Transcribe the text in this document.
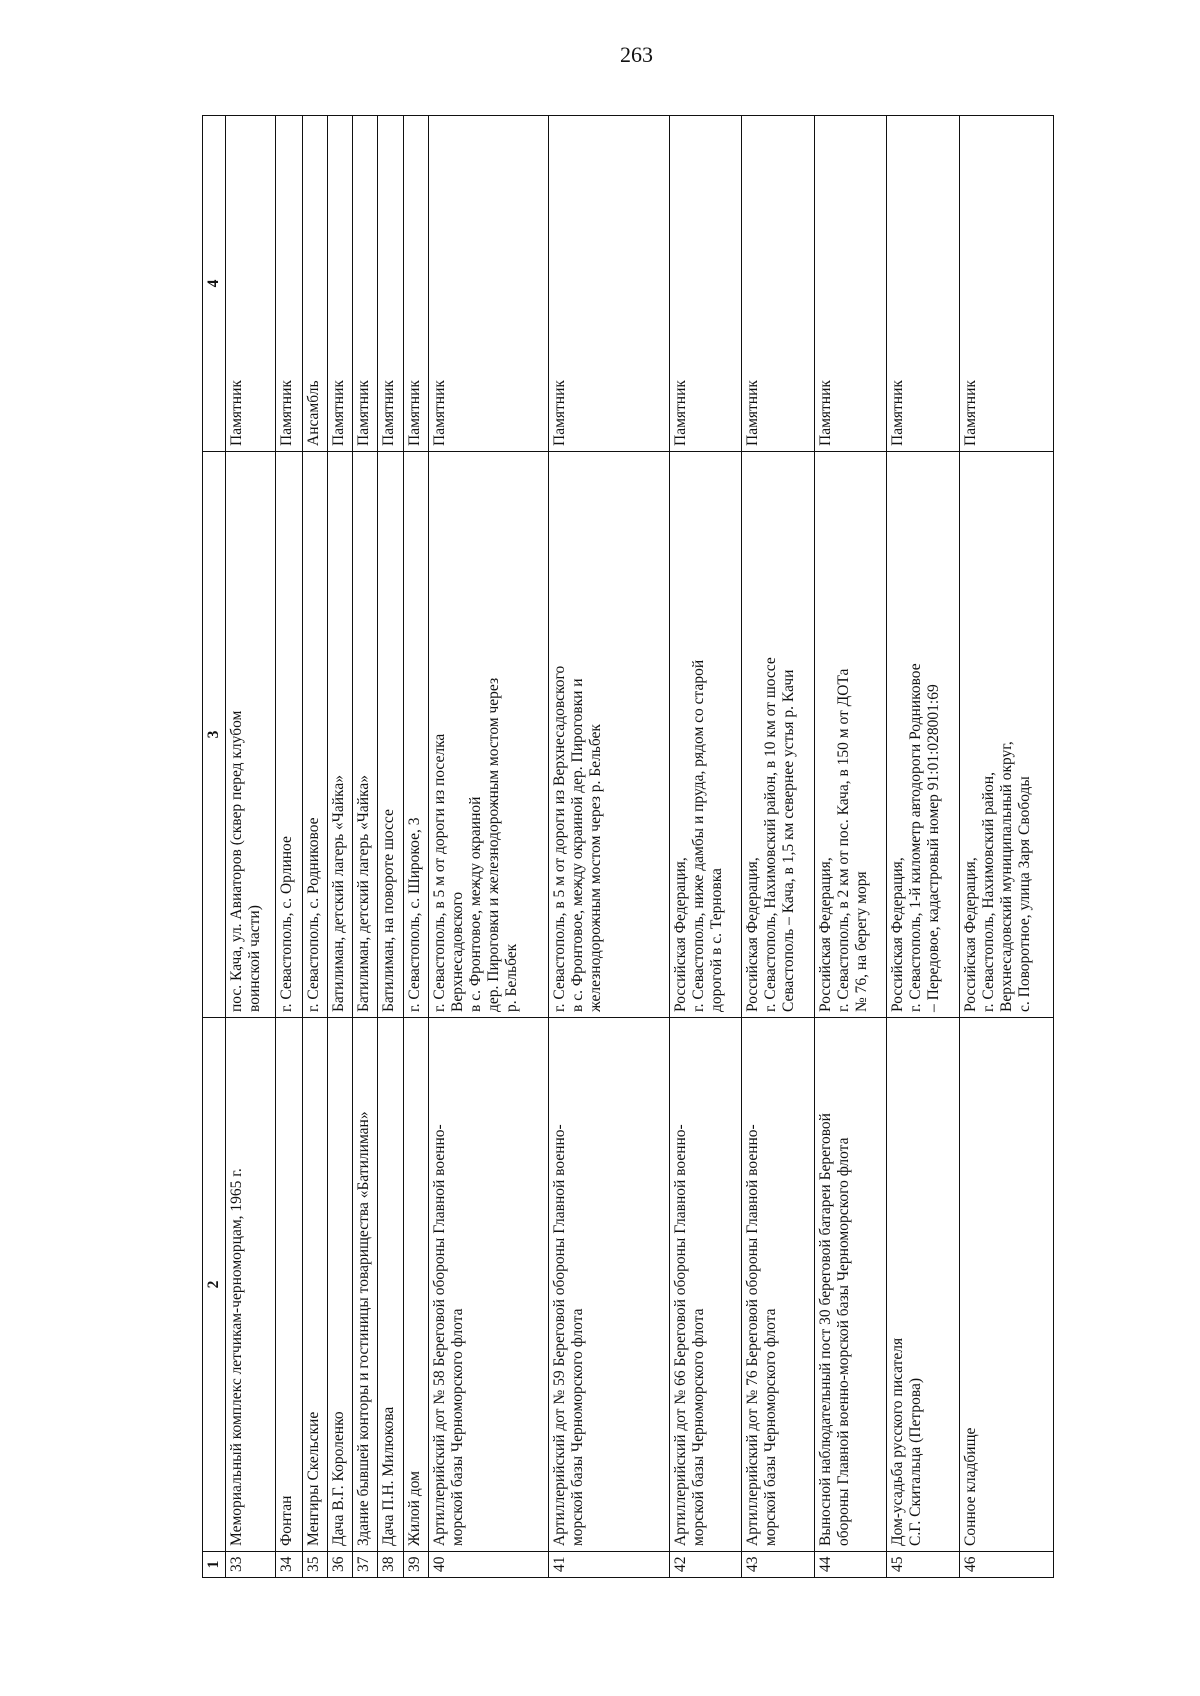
263
1	2	3	4
33	Мемориальный комплекс летчикам-черноморцам, 1965 г.	пос. Кача, ул. Авиаторов (сквер перед клубом воинской части)	Памятник
34	Фонтан	г. Севастополь, с. Орлиное	Памятник
35	Менгиры Скельские	г. Севастополь, с. Родниковое	Ансамбль
36	Дача В.Г. Короленко	Батилиман, детский лагерь «Чайка»	Памятник
37	Здание бывшей конторы и гостиницы товарищества «Батилиман»	Батилиман, детский лагерь «Чайка»	Памятник
38	Дача П.Н. Милюкова	Батилиман, на повороте шоссе	Памятник
39	Жилой дом	г. Севастополь, с. Широкое, 3	Памятник
40	Артиллерийский дот № 58 Береговой обороны Главной военно- морской базы Черноморского флота	г. Севастополь, в 5 м от дороги из поселка Верхнесадовского в с. Фронтовое, между окраиной дер. Пироговки и железнодорожным мостом через р. Бельбек	Памятник
41	Артиллерийский дот № 59 Береговой обороны Главной военно- морской базы Черноморского флота	г. Севастополь, в 5 м от дороги из Верхнесадовского в с. Фронтовое, между окраиной дер. Пироговки и железнодорожным мостом через р. Бельбек	Памятник
42	Артиллерийский дот № 66 Береговой обороны Главной военно- морской базы Черноморского флота	Российская Федерация, г. Севастополь, ниже дамбы и пруда, рядом со старой дорогой в с. Терновка	Памятник
43	Артиллерийский дот № 76 Береговой обороны Главной военно- морской базы Черноморского флота	Российская Федерация, г. Севастополь, Нахимовский район, в 10 км от шоссе Севастополь – Кача, в 1,5 км севернее устья р. Качи	Памятник
44	Выносной наблюдательный пост 30 береговой батареи Береговой обороны Главной военно-морской базы Черноморского флота	Российская Федерация, г. Севастополь, в 2 км от пос. Кача, в 150 м от ДОТа № 76, на берегу моря	Памятник
45	Дом-усадьба русского писателя С.Г. Скитальца (Петрова)	Российская Федерация, г. Севастополь, 1-й километр автодороги Родниковое – Передовое, кадастровый номер 91:01:028001:69	Памятник
46	Сонное кладбище	Российская Федерация, г. Севастополь, Нахимовский район, Верхнесадовский муниципальный округ, с. Поворотное, улица Заря Свободы	Памятник
